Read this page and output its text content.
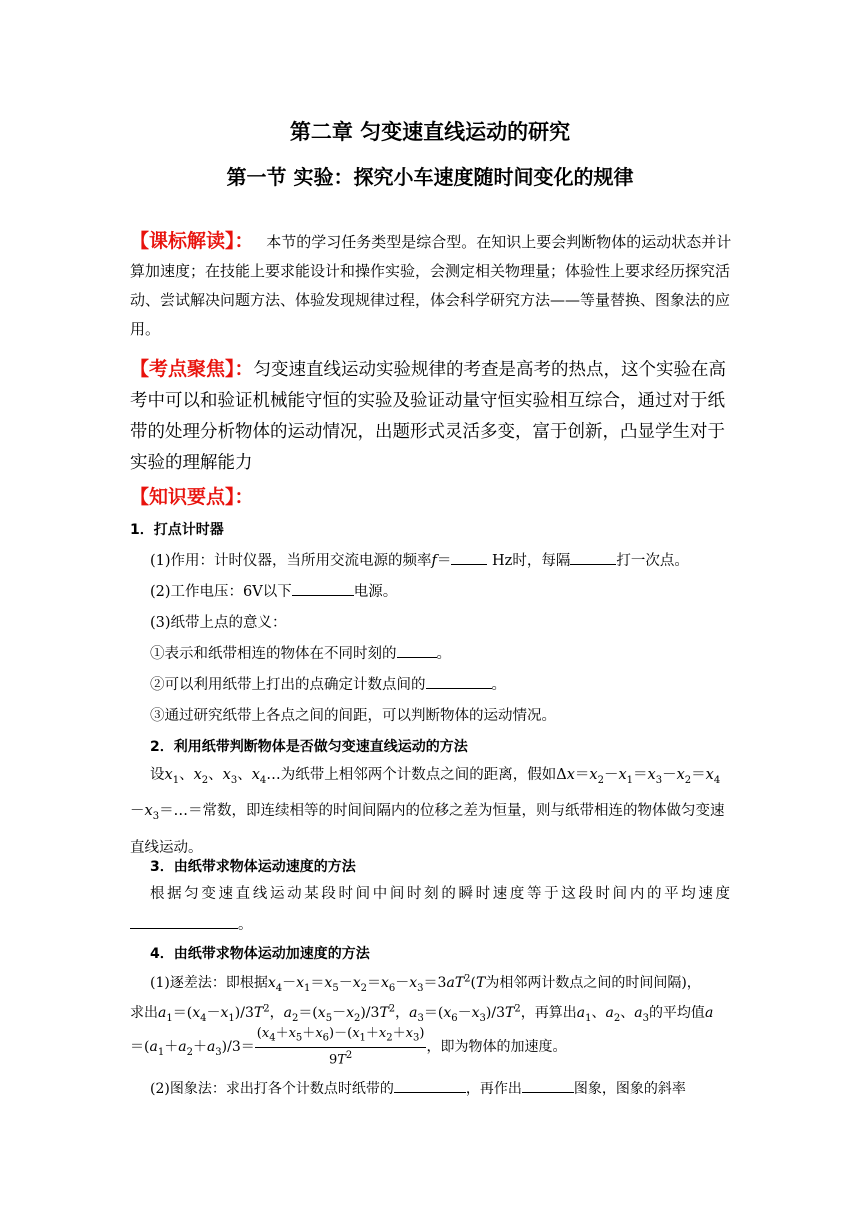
第二章 匀变速直线运动的研究
第一节 实验：探究小车速度随时间变化的规律
【课标解读】： 本节的学习任务类型是综合型。在知识上要会判断物体的运动状态并计算加速度；在技能上要求能设计和操作实验，会测定相关物理量；体验性上要求经历探究活动、尝试解决问题方法、体验发现规律过程，体会科学研究方法——等量替换、图象法的应用。
【考点聚焦】：匀变速直线运动实验规律的考查是高考的热点，这个实验在高考中可以和验证机械能守恒的实验及验证动量守恒实验相互综合，通过对于纸带的处理分析物体的运动情况，出题形式灵活多变，富于创新，凸显学生对于实验的理解能力
【知识要点】：
1．打点计时器
(1)作用：计时仪器，当所用交流电源的频率f＝ Hz时，每隔	打一次点。
(2)工作电压：6V以下	电源。
(3)纸带上点的意义：
①表示和纸带相连的物体在不同时刻的	。
②可以利用纸带上打出的点确定计数点间的	。
③通过研究纸带上各点之间的间距，可以判断物体的运动情况。
2．利用纸带判断物体是否做匀变速直线运动的方法
设$x_1$、$x_2$、$x_3$、$x_4\dots$为纸带上相邻两个计数点之间的距离，假如$\Delta x=x_2-x_1=x_3-x_2=x_4-x_3=\dots=$常数，即连续相等的时间间隔内的位移之差为恒量，则与纸带相连的物体做匀变速直线运动。
3．由纸带求物体运动速度的方法
根据匀变速直线运动某段时间中间时刻的瞬时速度等于这段时间内的平均速度。
4．由纸带求物体运动加速度的方法
(1)逐差法：即根据$x_4-x_1=x_5-x_2=x_6-x_3=3aT^2(T$为相邻两计数点之间的时间间隔)，
求出$a_1=(x_4-x_1)/3T^2$，$a_2=(x_5-x_2)/3T^2$，$a_3=(x_6-x_3)/3T^2$，再算出$a_1$、$a_2$、$a_3$的平均值a
$=(a_1+a_2+a_3)/3= \frac{(x_4+x_5+x_6)-(x_1+x_2+x_3)}{9T^2}$ ，即为物体的加速度。
(2)图象法：求出打各个计数点时纸带的	，再作出	图象，图象的斜率
